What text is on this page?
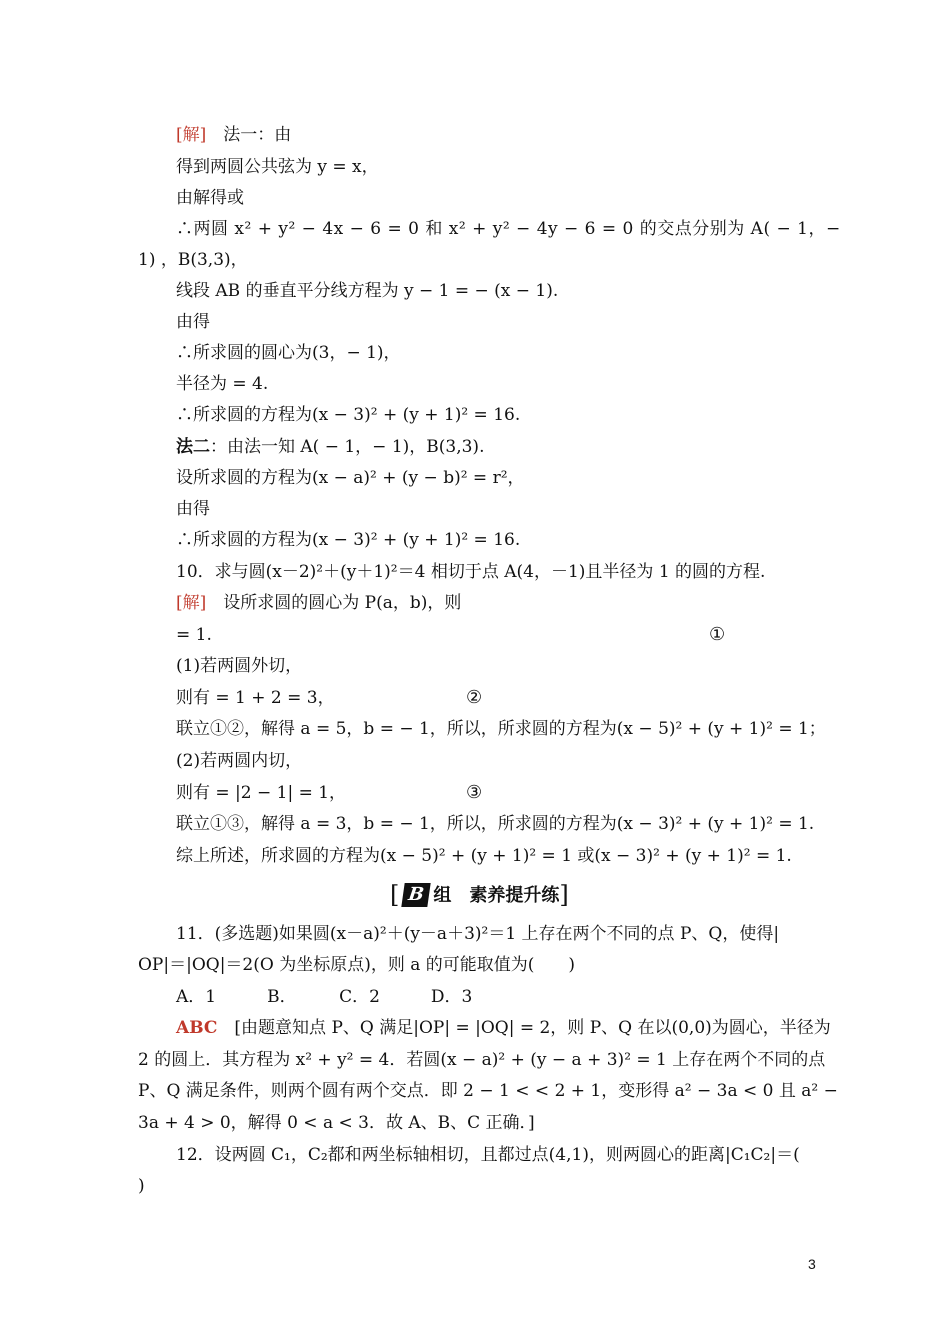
[解]　法一：由
得到两圆公共弦为 y = x，
由解得或
∴两圆 x² + y² − 4x − 6 = 0 和 x² + y² − 4y − 6 = 0 的交点分别为 A( − 1，−
1) ，B(3,3)，
线段 AB 的垂直平分线方程为 y − 1 = − (x − 1).
由得
∴所求圆的圆心为(3，− 1)，
半径为 = 4.
∴所求圆的方程为(x − 3)² + (y + 1)² = 16.
法二：由法一知 A( − 1，− 1)，B(3,3).
设所求圆的方程为(x − a)² + (y − b)² = r²，
由得
∴所求圆的方程为(x − 3)² + (y + 1)² = 16.
10．求与圆(x－2)²＋(y＋1)²＝4 相切于点 A(4，－1)且半径为 1 的圆的方程.
[解]　设所求圆的圆心为 P(a，b)，则
= 1.	①
(1)若两圆外切，
则有 = 1 + 2 = 3，	②
联立①②，解得 a = 5，b = − 1，所以，所求圆的方程为(x − 5)² + (y + 1)² = 1；
(2)若两圆内切，
则有 = |2 − 1| = 1，	③
联立①③，解得 a = 3，b = − 1，所以，所求圆的方程为(x − 3)² + (y + 1)² = 1.
综上所述，所求圆的方程为(x − 5)² + (y + 1)² = 1 或(x − 3)² + (y + 1)² = 1.
[ B 组　素养提升练]
11．(多选题)如果圆(x－a)²＋(y－a＋3)²＝1 上存在两个不同的点 P、Q，使得|
OP|＝|OQ|＝2(O 为坐标原点)，则 a 的可能取值为(　　)
A．1　　　B．　　　C．2　　　D．3
ABC　[由题意知点 P、Q 满足|OP| = |OQ| = 2，则 P、Q 在以(0,0)为圆心，半径为
2 的圆上．其方程为 x² + y² = 4．若圆(x − a)² + (y − a + 3)² = 1 上存在两个不同的点
P、Q 满足条件，则两个圆有两个交点．即 2 − 1 < < 2 + 1，变形得 a² − 3a < 0 且 a² −
3a + 4 > 0，解得 0 < a < 3．故 A、B、C 正确．]
12．设两圆 C₁，C₂都和两坐标轴相切，且都过点(4,1)，则两圆心的距离|C₁C₂|＝(
)
3
